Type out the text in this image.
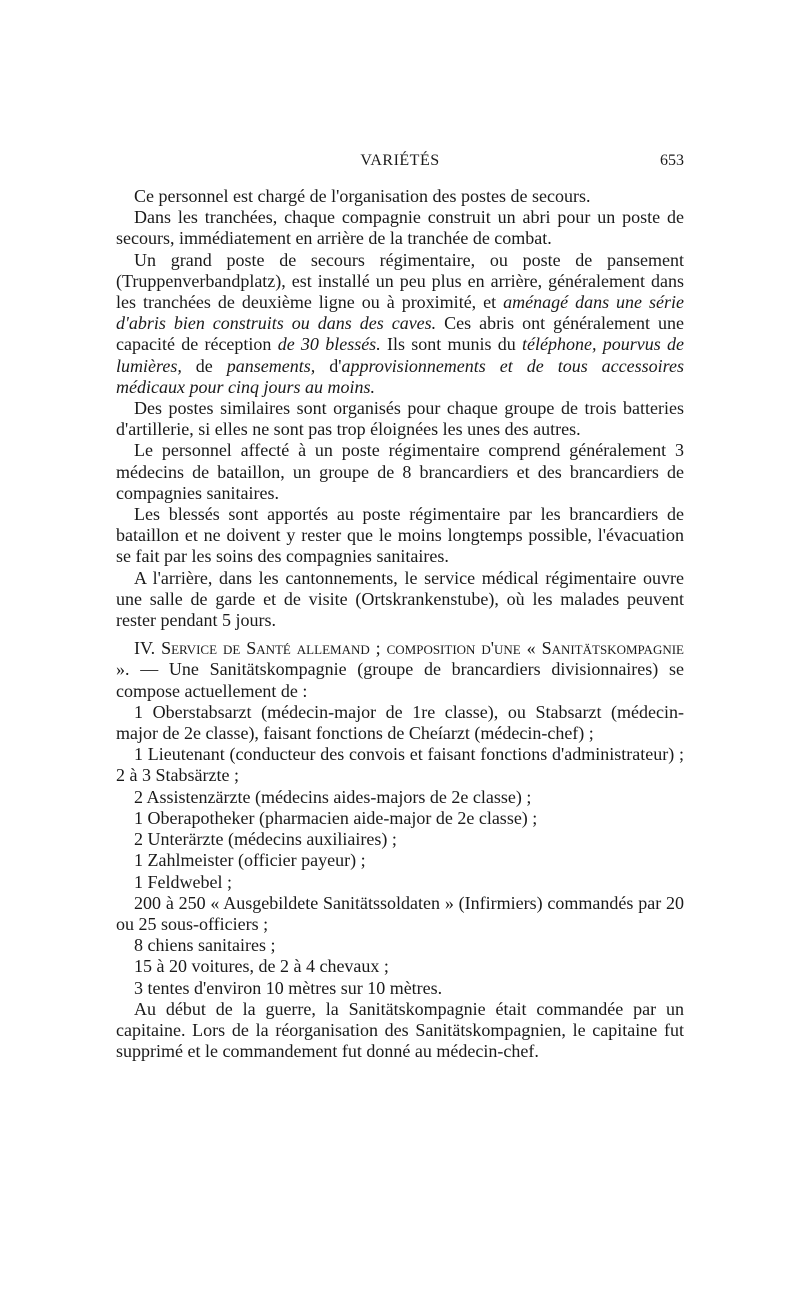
VARIÉTÉS	653

Ce personnel est chargé de l'organisation des postes de secours.

Dans les tranchées, chaque compagnie construit un abri pour un poste de secours, immédiatement en arrière de la tranchée de combat.

Un grand poste de secours régimentaire, ou poste de pansement (Truppenverbandplatz), est installé un peu plus en arrière, généralement dans les tranchées de deuxième ligne ou à proximité, et aménagé dans une série d'abris bien construits ou dans des caves. Ces abris ont généralement une capacité de réception de 30 blessés. Ils sont munis du téléphone, pourvus de lumières, de pansements, d'approvisionnements et de tous accessoires médicaux pour cinq jours au moins.

Des postes similaires sont organisés pour chaque groupe de trois batteries d'artillerie, si elles ne sont pas trop éloignées les unes des autres.

Le personnel affecté à un poste régimentaire comprend généralement 3 médecins de bataillon, un groupe de 8 brancardiers et des brancardiers de compagnies sanitaires.

Les blessés sont apportés au poste régimentaire par les brancardiers de bataillon et ne doivent y rester que le moins longtemps possible, l'évacuation se fait par les soins des compagnies sanitaires.

A l'arrière, dans les cantonnements, le service médical régimentaire ouvre une salle de garde et de visite (Ortskrankenstube), où les malades peuvent rester pendant 5 jours.

IV. Service de Santé allemand ; composition d'une « Sanitätskompagnie ». — Une Sanitätskompagnie (groupe de brancardiers divisionnaires) se compose actuellement de :

1 Oberstabsarzt (médecin-major de 1re classe), ou Stabsarzt (médecin-major de 2e classe), faisant fonctions de Cheíarzt (médecin-chef) ;

1 Lieutenant (conducteur des convois et faisant fonctions d'administrateur) ; 2 à 3 Stabsärzte ;

2 Assistenzärzte (médecins aides-majors de 2e classe) ;

1 Oberapotheker (pharmacien aide-major de 2e classe) ;

2 Unterärzte (médecins auxiliaires) ;

1 Zahlmeister (officier payeur) ;

1 Feldwebel ;

200 à 250 « Ausgebildete Sanitätssoldaten » (Infirmiers) commandés par 20 ou 25 sous-officiers ;

8 chiens sanitaires ;

15 à 20 voitures, de 2 à 4 chevaux ;

3 tentes d'environ 10 mètres sur 10 mètres.

Au début de la guerre, la Sanitätskompagnie était commandée par un capitaine. Lors de la réorganisation des Sanitätskompagnien, le capitaine fut supprimé et le commandement fut donné au médecin-chef.
